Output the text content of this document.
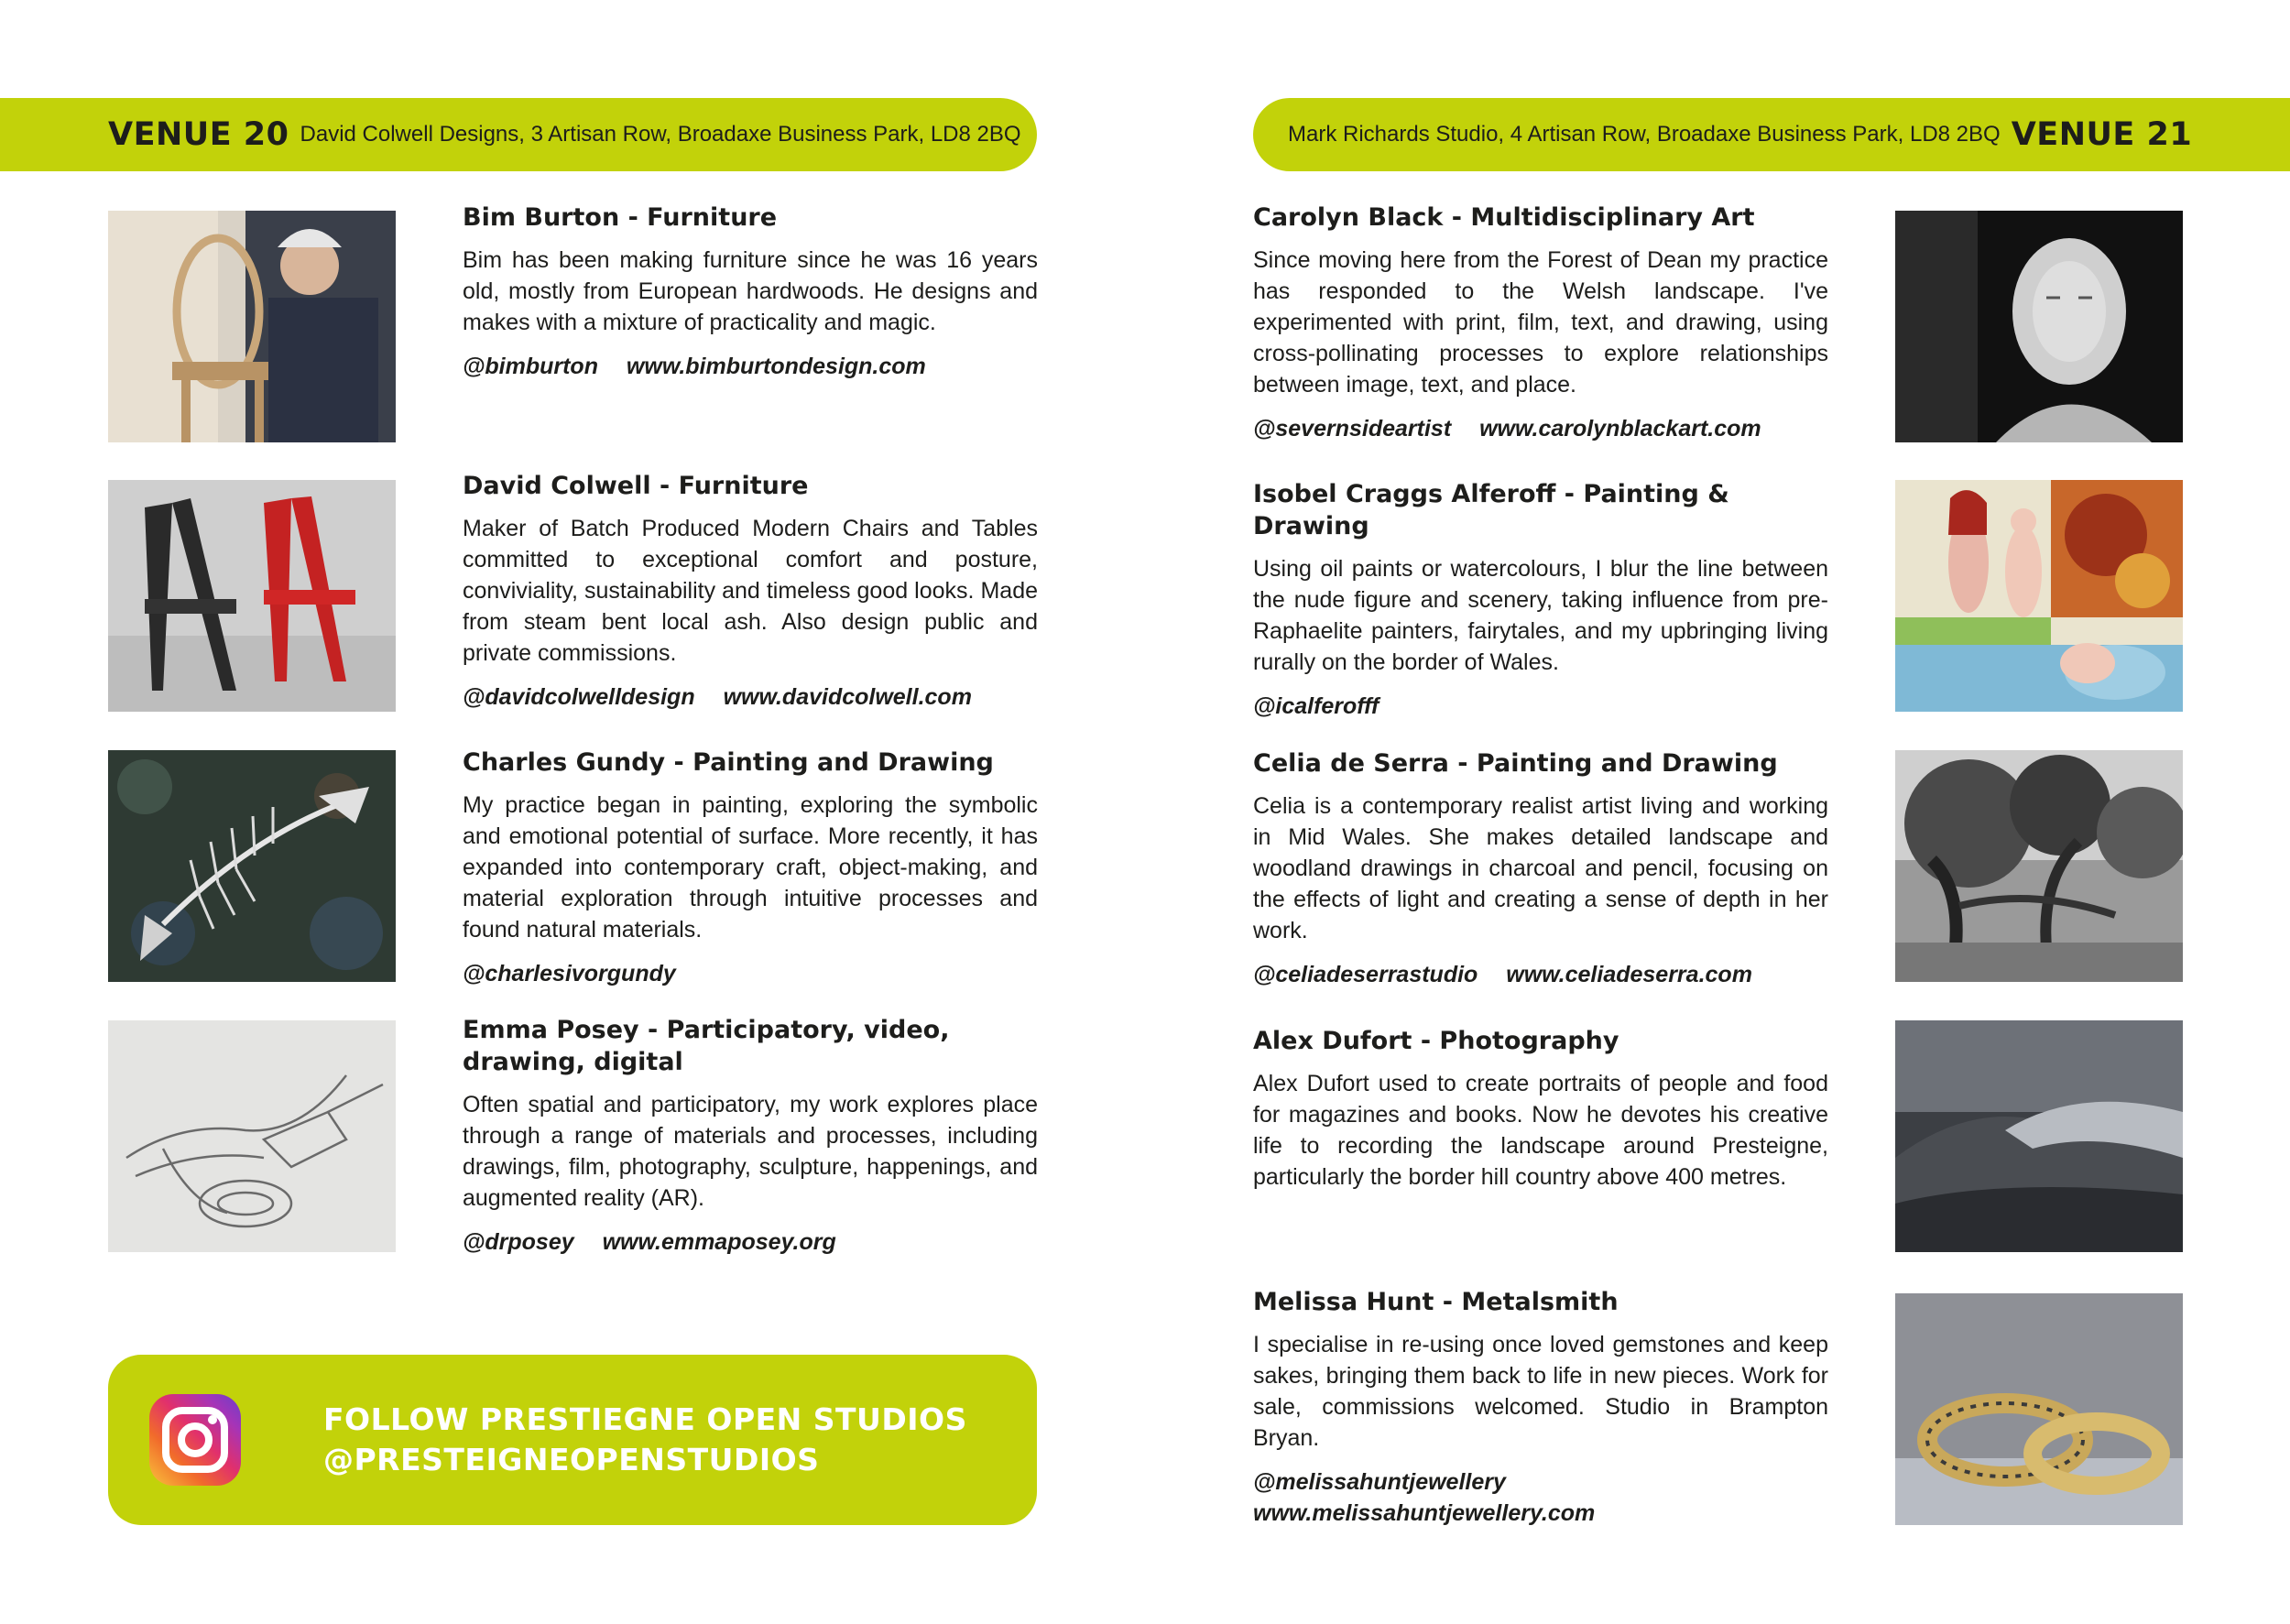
VENUE 20 David Colwell Designs, 3 Artisan Row, Broadaxe Business Park, LD8 2BQ	Mark Richards Studio, 4 Artisan Row, Broadaxe Business Park, LD8 2BQ VENUE 21
Bim Burton - Furniture

Bim has been making furniture since he was 16 years old, mostly from European hardwoods. He designs and makes with a mixture of practicality and magic.

@bimburton www.bimburtondesign.com
David Colwell - Furniture

Maker of Batch Produced Modern Chairs and Tables committed to exceptional comfort and posture, conviviality, sustainability and timeless good looks. Made from steam bent local ash. Also design public and private commissions.

@davidcolwelldesign www.davidcolwell.com
Charles Gundy - Painting and Drawing

My practice began in painting, exploring the symbolic and emotional potential of surface. More recently, it has expanded into contemporary craft, object-making, and material exploration through intuitive processes and found natural materials.

@charlesivorgundy
Emma Posey - Participatory, video, drawing, digital

Often spatial and participatory, my work explores place through a range of materials and processes, including drawings, film, photography, sculpture, happenings, and augmented reality (AR).

@drposey www.emmaposey.org
FOLLOW PRESTIEGNE OPEN STUDIOS
@PRESTEIGNEOPENSTUDIOS
Carolyn Black - Multidisciplinary Art

Since moving here from the Forest of Dean my practice has responded to the Welsh landscape. I've experimented with print, film, text, and drawing, using cross-pollinating processes to explore relationships between image, text, and place.

@severnsideartist www.carolynblackart.com
Isobel Craggs Alferoff - Painting & Drawing

Using oil paints or watercolours, I blur the line between the nude figure and scenery, taking influence from pre-Raphaelite painters, fairytales, and my upbringing living rurally on the border of Wales.

@icalferofff
Celia de Serra - Painting and Drawing

Celia is a contemporary realist artist living and working in Mid Wales. She makes detailed landscape and woodland drawings in charcoal and pencil, focusing on the effects of light and creating a sense of depth in her work.

@celiadeserrastudio www.celiadeserra.com
Alex Dufort - Photography

Alex Dufort used to create portraits of people and food for magazines and books. Now he devotes his creative life to recording the landscape around Presteigne, particularly the border hill country above 400 metres.

Melissa Hunt - Metalsmith

I specialise in re-using once loved gemstones and keep sakes, bringing them back to life in new pieces. Work for sale, commissions welcomed. Studio in Brampton Bryan.

@melissahuntjewellery
www.melissahuntjewellery.com
